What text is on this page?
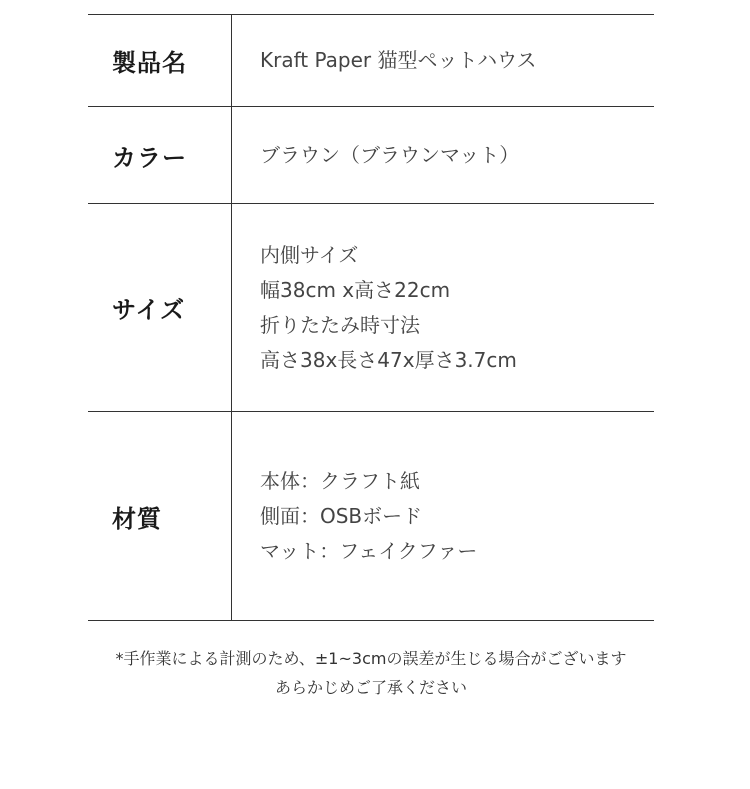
製品名	Kraft Paper 猫型ペットハウス
カラー	ブラウン（ブラウンマット）
サイズ
内側サイズ
幅38cm x高さ22cm
折りたたみ時寸法
高さ38x長さ47x厚さ3.7cm
材質
本体：クラフト紙
側面：OSBボード
マット：フェイクファー
*手作業による計測のため、±1~3cmの誤差が生じる場合がございます
あらかじめご了承ください
